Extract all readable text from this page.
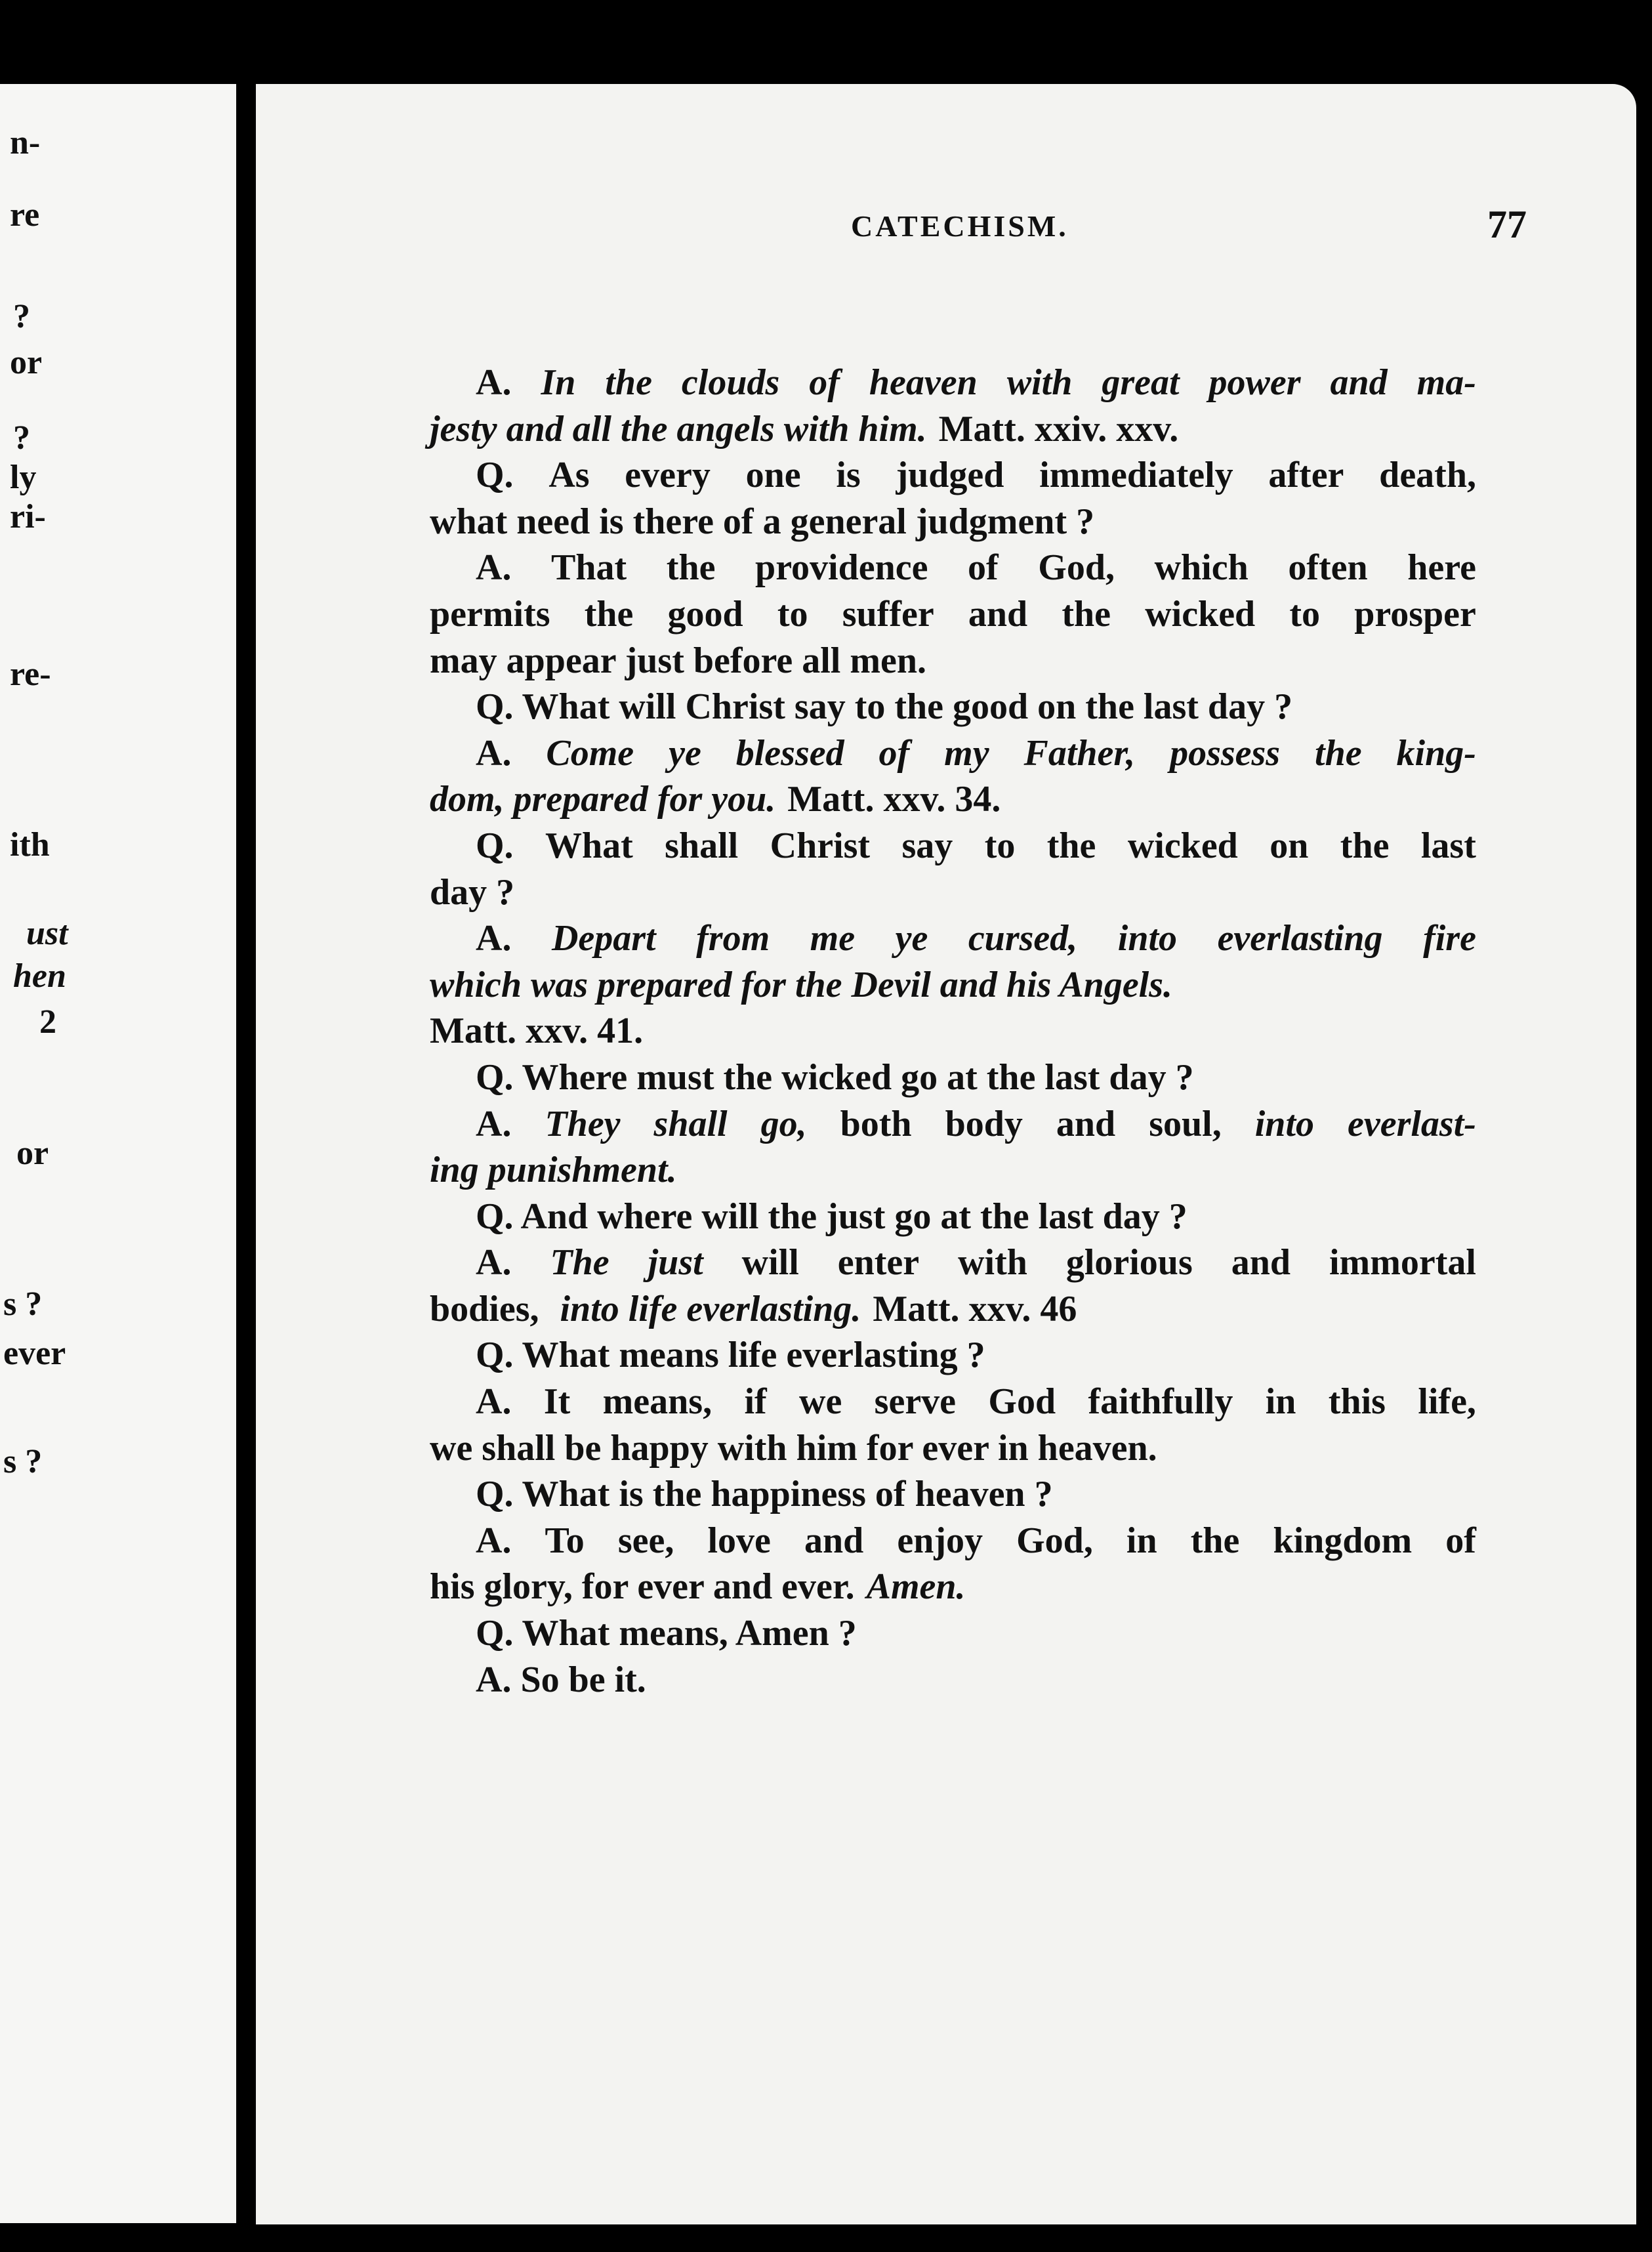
n-
re
?
or
?
ly
ri-
re-
ith
ust
hen
2
or
s ?
ever
s ?
CATECHISM.	77
A. In the clouds of heaven with great power and ma-
jesty and all the angels with him. Matt. xxiv. xxv.
Q. As every one is judged immediately after death,
what need is there of a general judgment ?
A. That the providence of God, which often here
permits the good to suffer and the wicked to prosper
may appear just before all men.
Q. What will Christ say to the good on the last day ?
A. Come ye blessed of my Father, possess the king-
dom, prepared for you. Matt. xxv. 34.
Q. What shall Christ say to the wicked on the last
day ?
A. Depart from me ye cursed, into everlasting fire
which was prepared for the Devil and his Angels.
Matt. xxv. 41.
Q. Where must the wicked go at the last day ?
A. They shall go, both body and soul, into everlast-
ing punishment.
Q. And where will the just go at the last day ?
A. The just will enter with glorious and immortal
bodies, into life everlasting. Matt. xxv. 46
Q. What means life everlasting ?
A. It means, if we serve God faithfully in this life,
we shall be happy with him for ever in heaven.
Q. What is the happiness of heaven ?
A. To see, love and enjoy God, in the kingdom of
his glory, for ever and ever. Amen.
Q. What means, Amen ?
A. So be it.
